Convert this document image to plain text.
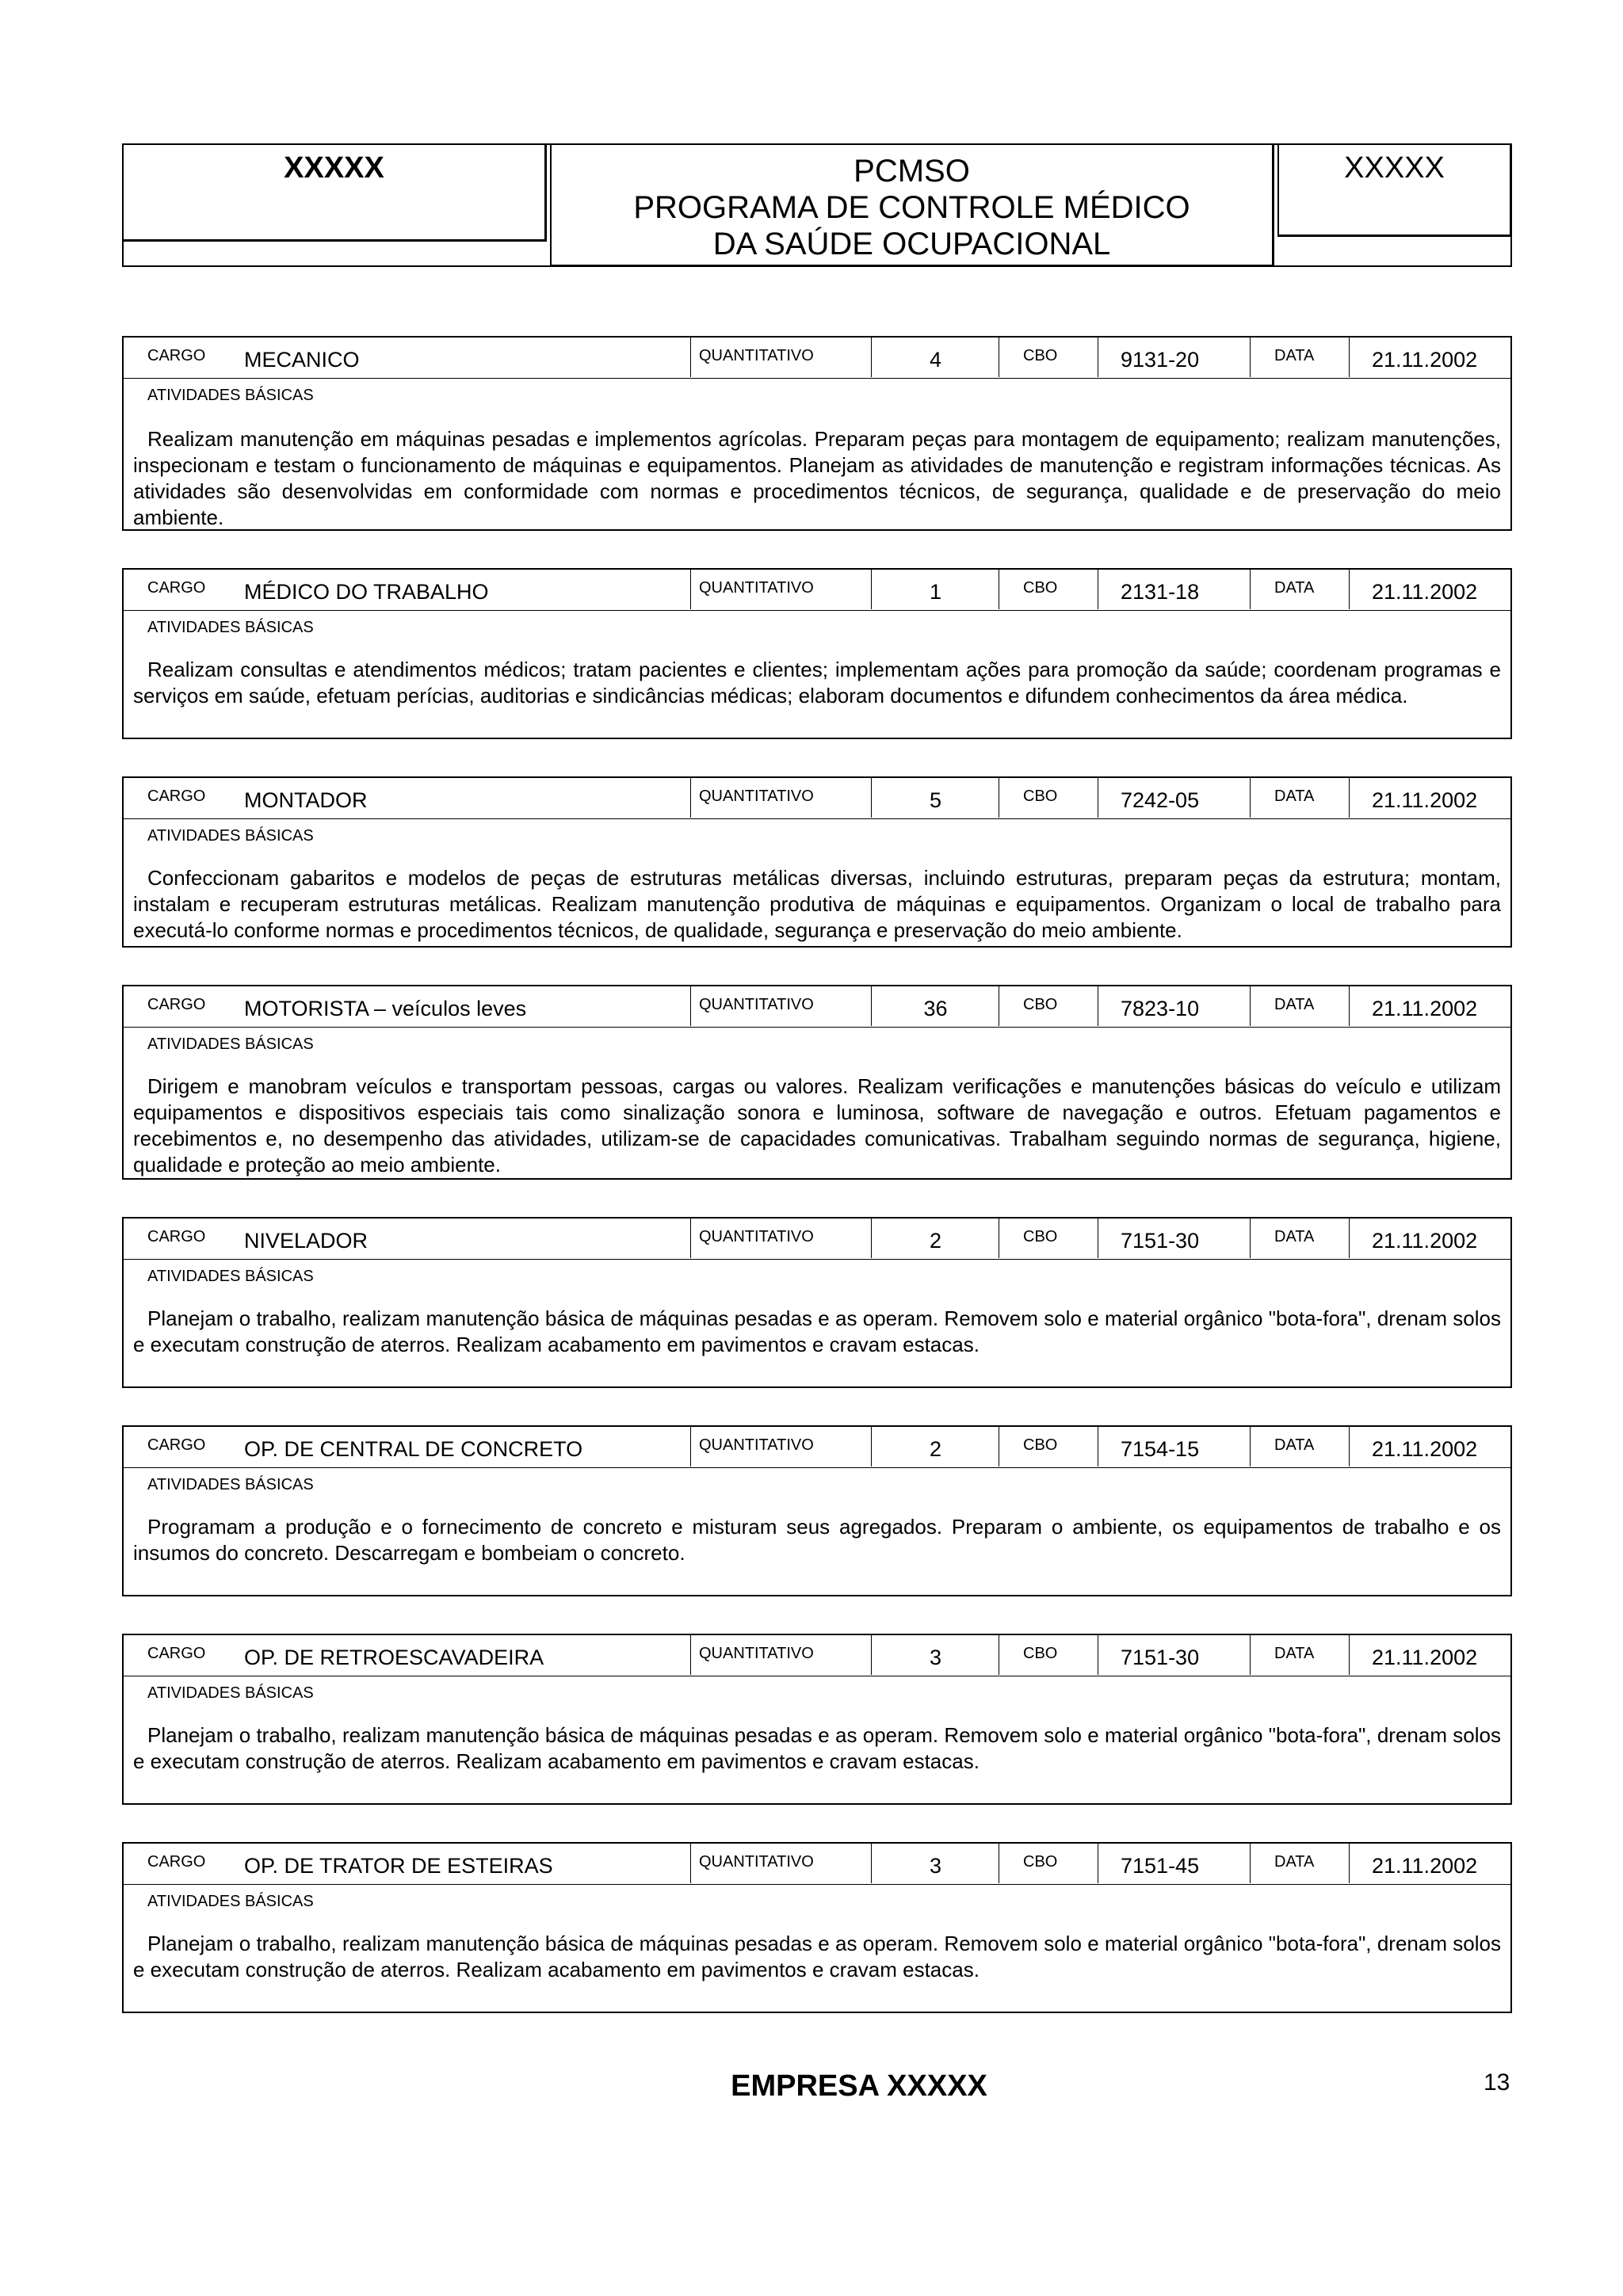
XXXXX	PCMSO
PROGRAMA DE CONTROLE MÉDICO
DA SAÚDE OCUPACIONAL
XXXXX
CARGO MECANICO	QUANTITATIVO	4	CBO	9131-20	DATA	21.11.2002
ATIVIDADES BÁSICAS
Realizam manutenção em máquinas pesadas e implementos agrícolas. Preparam peças para montagem de equipamento; realizam manutenções, inspecionam e testam o funcionamento de máquinas e equipamentos. Planejam as atividades de manutenção e registram informações técnicas. As atividades são desenvolvidas em conformidade com normas e procedimentos técnicos, de segurança, qualidade e de preservação do meio ambiente.
CARGO MÉDICO DO TRABALHO	QUANTITATIVO	1	CBO	2131-18	DATA	21.11.2002
ATIVIDADES BÁSICAS
Realizam consultas e atendimentos médicos; tratam pacientes e clientes; implementam ações para promoção da saúde; coordenam programas e serviços em saúde, efetuam perícias, auditorias e sindicâncias médicas; elaboram documentos e difundem conhecimentos da área médica.
CARGO MONTADOR	QUANTITATIVO	5	CBO	7242-05	DATA	21.11.2002
ATIVIDADES BÁSICAS
Confeccionam gabaritos e modelos de peças de estruturas metálicas diversas, incluindo estruturas, preparam peças da estrutura; montam, instalam e recuperam estruturas metálicas. Realizam manutenção produtiva de máquinas e equipamentos. Organizam o local de trabalho para executá-lo conforme normas e procedimentos técnicos, de qualidade, segurança e preservação do meio ambiente.
CARGO MOTORISTA – veículos leves	QUANTITATIVO	36	CBO	7823-10	DATA	21.11.2002
ATIVIDADES BÁSICAS
Dirigem e manobram veículos e transportam pessoas, cargas ou valores. Realizam verificações e manutenções básicas do veículo e utilizam equipamentos e dispositivos especiais tais como sinalização sonora e luminosa, software de navegação e outros. Efetuam pagamentos e recebimentos e, no desempenho das atividades, utilizam-se de capacidades comunicativas. Trabalham seguindo normas de segurança, higiene, qualidade e proteção ao meio ambiente.
CARGO NIVELADOR	QUANTITATIVO	2	CBO	7151-30	DATA	21.11.2002
ATIVIDADES BÁSICAS
Planejam o trabalho, realizam manutenção básica de máquinas pesadas e as operam. Removem solo e material orgânico "bota-fora", drenam solos e executam construção de aterros. Realizam acabamento em pavimentos e cravam estacas.
CARGO OP. DE CENTRAL DE CONCRETO	QUANTITATIVO	2	CBO	7154-15	DATA	21.11.2002
ATIVIDADES BÁSICAS
Programam a produção e o fornecimento de concreto e misturam seus agregados. Preparam o ambiente, os equipamentos de trabalho e os insumos do concreto. Descarregam e bombeiam o concreto.
CARGO OP. DE RETROESCAVADEIRA	QUANTITATIVO	3	CBO	7151-30	DATA	21.11.2002
ATIVIDADES BÁSICAS
Planejam o trabalho, realizam manutenção básica de máquinas pesadas e as operam. Removem solo e material orgânico "bota-fora", drenam solos e executam construção de aterros. Realizam acabamento em pavimentos e cravam estacas.
CARGO OP. DE TRATOR DE ESTEIRAS	QUANTITATIVO	3	CBO	7151-45	DATA	21.11.2002
ATIVIDADES BÁSICAS
Planejam o trabalho, realizam manutenção básica de máquinas pesadas e as operam. Removem solo e material orgânico "bota-fora", drenam solos e executam construção de aterros. Realizam acabamento em pavimentos e cravam estacas.
EMPRESA XXXXX	13
